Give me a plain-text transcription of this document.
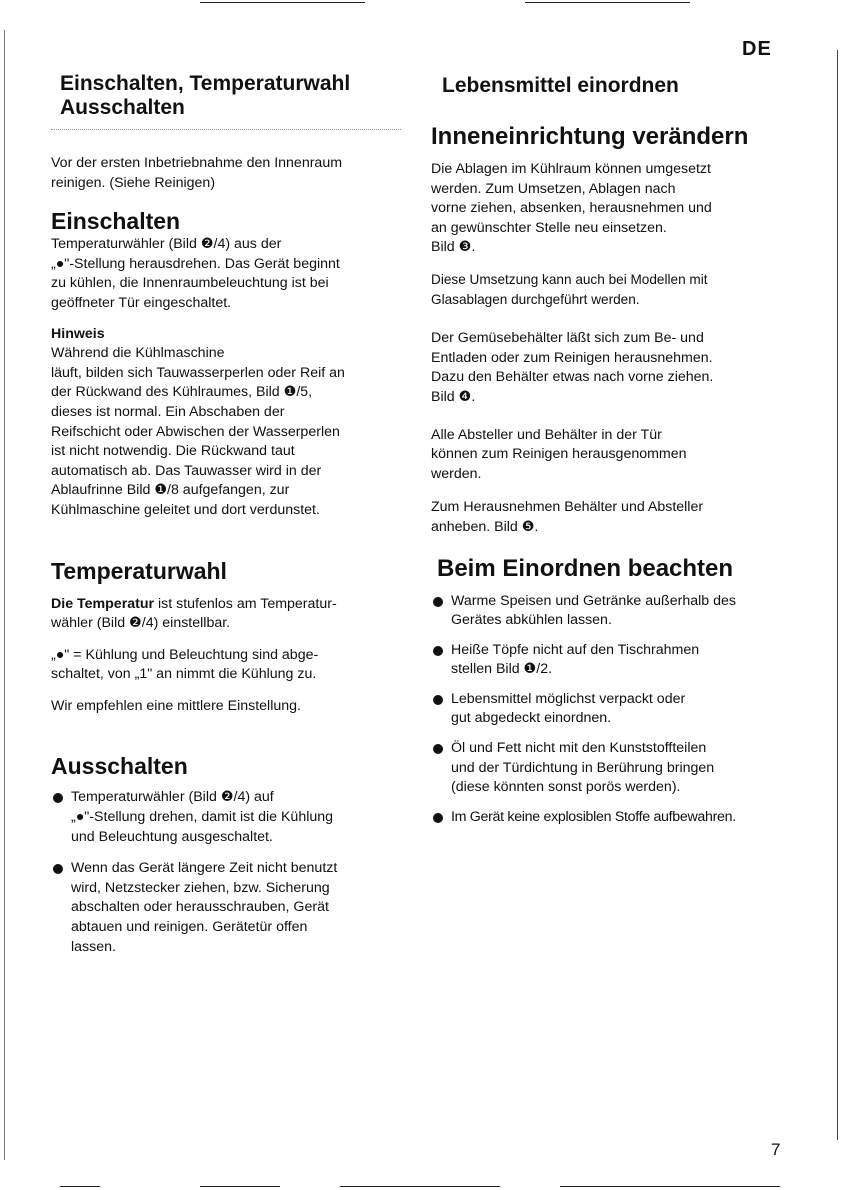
DE
Einschalten, Temperaturwahl
Ausschalten
Vor der ersten Inbetriebnahme den Innenraum
reinigen. (Siehe Reinigen)
Einschalten
Temperaturwähler (Bild ❷/4) aus der
„●"-Stellung herausdrehen. Das Gerät beginnt
zu kühlen, die Innenraumbeleuchtung ist bei
geöffneter Tür eingeschaltet.
Hinweis
Während die Kühlmaschine
läuft, bilden sich Tauwasserperlen oder Reif an
der Rückwand des Kühlraumes, Bild ❶/5,
dieses ist normal. Ein Abschaben der
Reifschicht oder Abwischen der Wasserperlen
ist nicht notwendig. Die Rückwand taut
automatisch ab. Das Tauwasser wird in der
Ablaufrinne Bild ❶/8 aufgefangen, zur
Kühlmaschine geleitet und dort verdunstet.
Temperaturwahl
Die Temperatur ist stufenlos am Temperatur-
wähler (Bild ❷/4) einstellbar.
„●" = Kühlung und Beleuchtung sind abge-
schaltet, von „1" an nimmt die Kühlung zu.
Wir empfehlen eine mittlere Einstellung.
Ausschalten
Temperaturwähler (Bild ❷/4) auf
„●"-Stellung drehen, damit ist die Kühlung
und Beleuchtung ausgeschaltet.
Wenn das Gerät längere Zeit nicht benutzt
wird, Netzstecker ziehen, bzw. Sicherung
abschalten oder herausschrauben, Gerät
abtauen und reinigen. Gerätetür offen
lassen.
Lebensmittel einordnen
Inneneinrichtung verändern
Die Ablagen im Kühlraum können umgesetzt
werden. Zum Umsetzen, Ablagen nach
vorne ziehen, absenken, herausnehmen und
an gewünschter Stelle neu einsetzen.
Bild ❸.
Diese Umsetzung kann auch bei Modellen mit
Glasablagen durchgeführt werden.
Der Gemüsebehälter läßt sich zum Be- und
Entladen oder zum Reinigen herausnehmen.
Dazu den Behälter etwas nach vorne ziehen.
Bild ❹.
Alle Absteller und Behälter in der Tür
können zum Reinigen herausgenommen
werden.
Zum Herausnehmen Behälter und Absteller
anheben. Bild ❺.
Beim Einordnen beachten
Warme Speisen und Getränke außerhalb des
Gerätes abkühlen lassen.
Heiße Töpfe nicht auf den Tischrahmen
stellen Bild ❶/2.
Lebensmittel möglichst verpackt oder
gut abgedeckt einordnen.
Öl und Fett nicht mit den Kunststoffteilen
und der Türdichtung in Berührung bringen
(diese könnten sonst porös werden).
Im Gerät keine explosiblen Stoffe aufbewahren.
7
